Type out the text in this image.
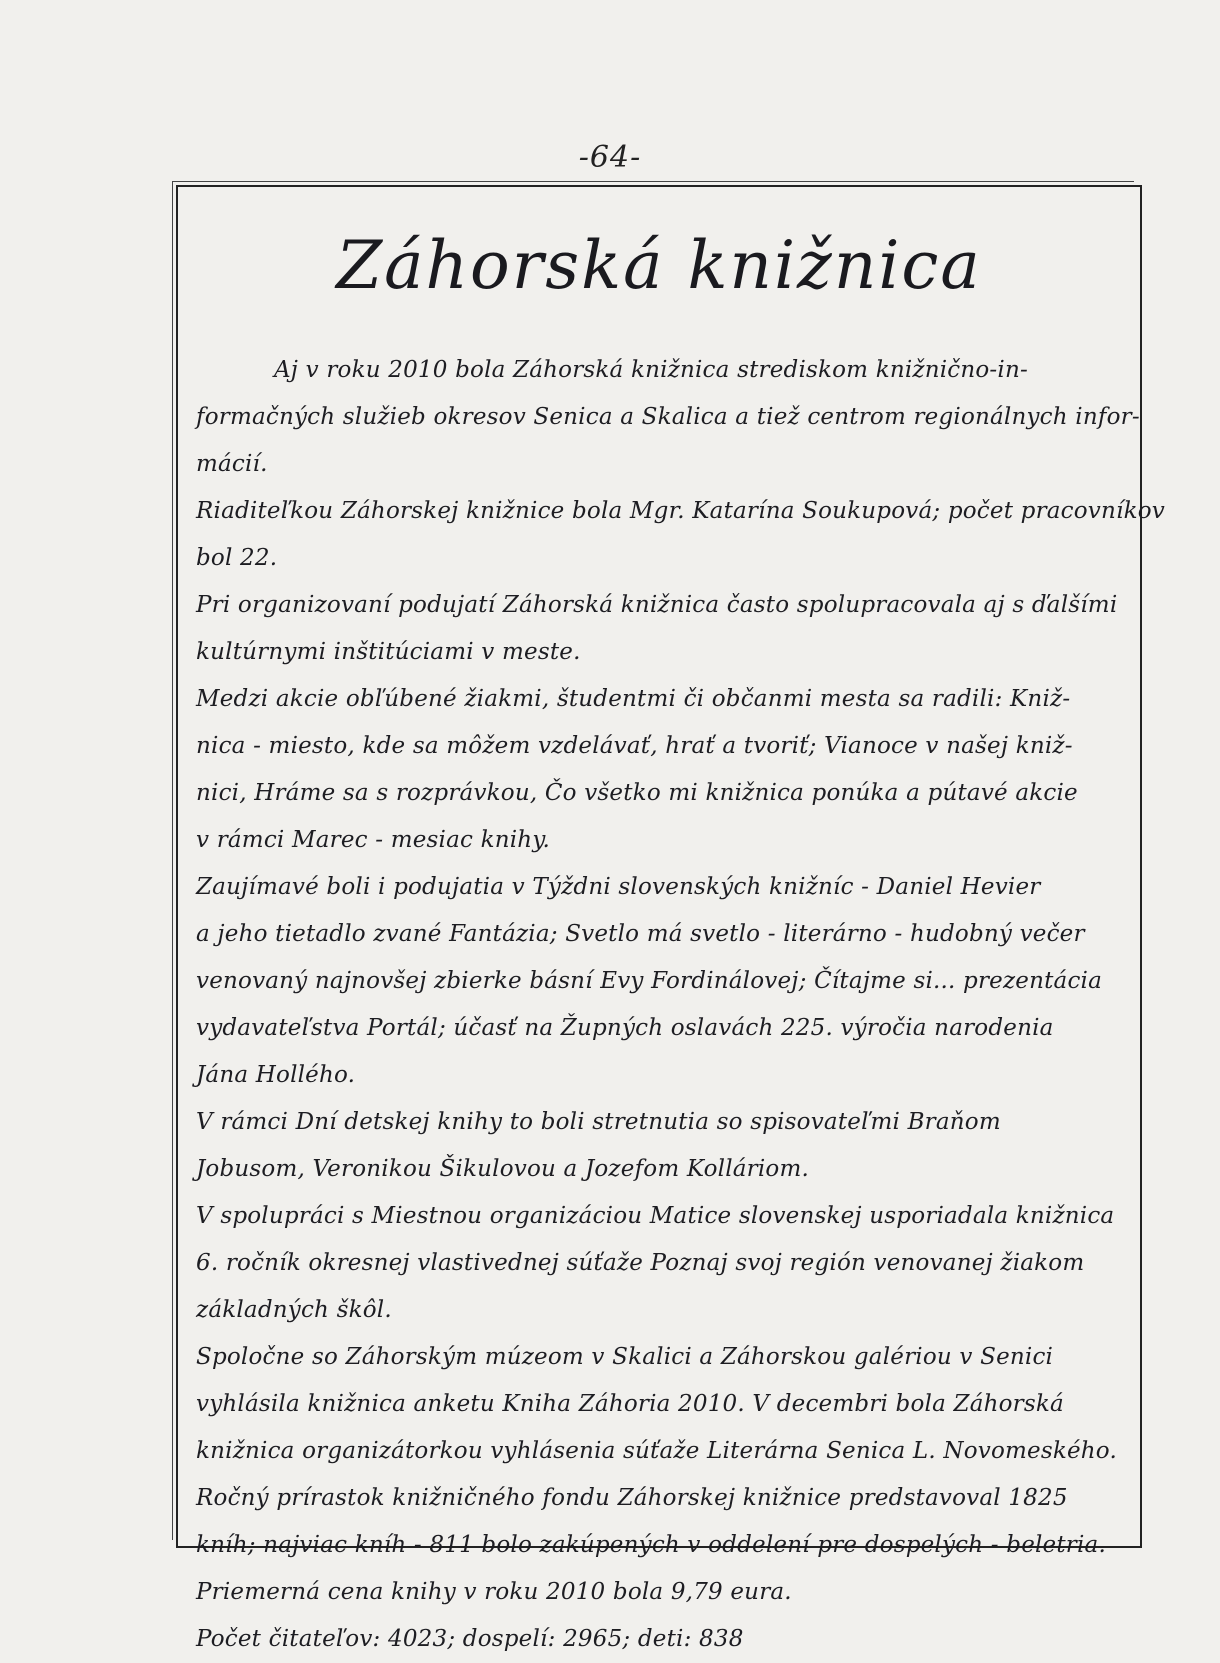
-64-
Záhorská knižnica
Aj v roku 2010 bola Záhorská knižnica strediskom knižnično-in-
formačných služieb okresov Senica a Skalica a tiež centrom regionálnych infor-
mácií.
Riaditeľkou Záhorskej knižnice bola Mgr. Katarína Soukupová; počet pracovníkov
bol 22.
Pri organizovaní podujatí Záhorská knižnica často spolupracovala aj s ďalšími
kultúrnymi inštitúciami v meste.
Medzi akcie obľúbené žiakmi, študentmi či občanmi mesta sa radili: Kniž-
nica - miesto, kde sa môžem vzdelávať, hrať a tvoriť; Vianoce v našej kniž-
nici, Hráme sa s rozprávkou, Čo všetko mi knižnica ponúka a pútavé akcie
v rámci Marec - mesiac knihy.
Zaujímavé boli i podujatia v Týždni slovenských knižníc - Daniel Hevier
a jeho tietadlo zvané Fantázia; Svetlo má svetlo - literárno - hudobný večer
venovaný najnovšej zbierke básní Evy Fordinálovej; Čítajme si... prezentácia
vydavateľstva Portál; účasť na Župných oslavách 225. výročia narodenia
Jána Hollého.
V rámci Dní detskej knihy to boli stretnutia so spisovateľmi Braňom
Jobusom, Veronikou Šikulovou a Jozefom Kolláriom.
V spolupráci s Miestnou organizáciou Matice slovenskej usporiadala knižnica
6. ročník okresnej vlastivednej súťaže Poznaj svoj región venovanej žiakom
základných škôl.
Spoločne so Záhorským múzeom v Skalici a Záhorskou galériou v Senici
vyhlásila knižnica anketu Kniha Záhoria 2010. V decembri bola Záhorská
knižnica organizátorkou vyhlásenia súťaže Literárna Senica L. Novomeského.
Ročný prírastok knižničného fondu Záhorskej knižnice predstavoval 1825
kníh; najviac kníh - 811 bolo zakúpených v oddelení pre dospelých - beletria.
Priemerná cena knihy v roku 2010 bola 9,79 eura.
Počet čitateľov: 4023; dospelí: 2965; deti: 838
